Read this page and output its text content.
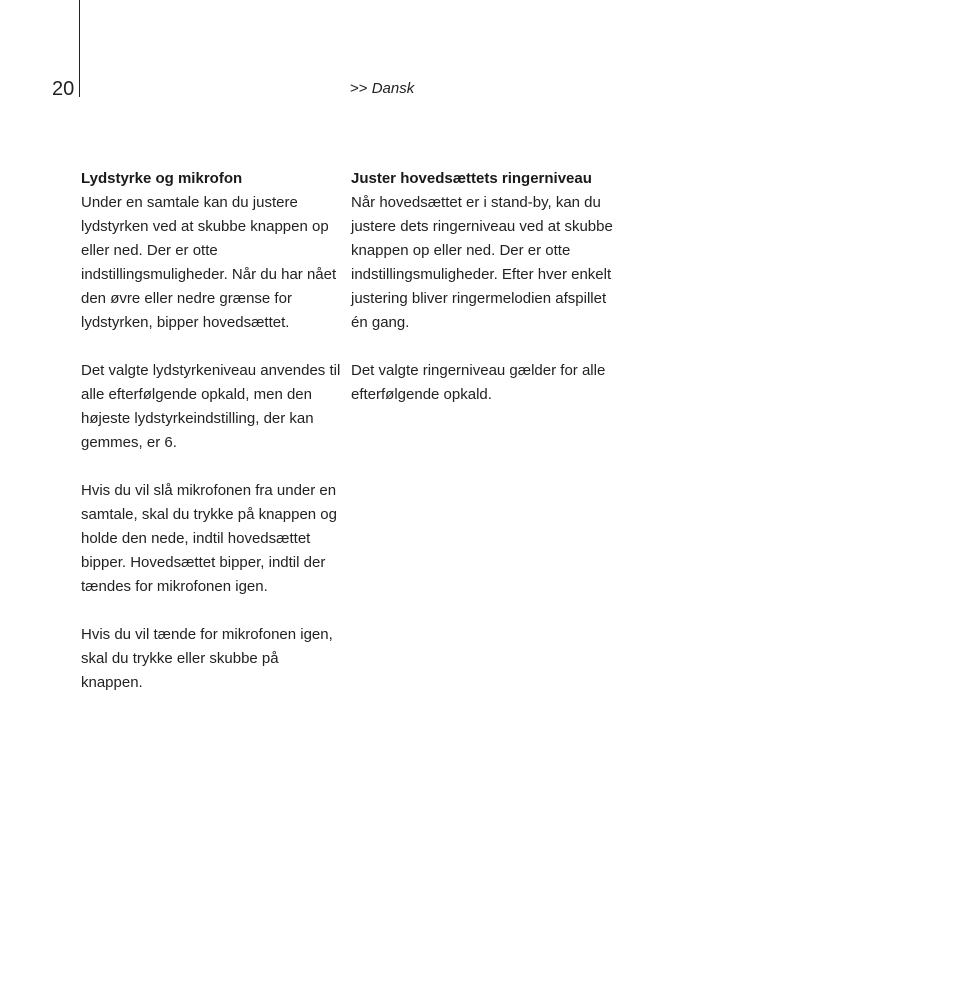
20	>> Dansk
Lydstyrke og mikrofon

Under en samtale kan du justere lydstyrken ved at skubbe knappen op eller ned. Der er otte indstillingsmuligheder. Når du har nået den øvre eller nedre grænse for lydstyrken, bipper hovedsættet.

Det valgte lydstyrkeniveau anvendes til alle efterfølgende opkald, men den højeste lydstyrkeindstilling, der kan gemmes, er 6.

Hvis du vil slå mikrofonen fra under en samtale, skal du trykke på knappen og holde den nede, indtil hovedsættet bipper. Hovedsættet bipper, indtil der tændes for mikrofonen igen.

Hvis du vil tænde for mikrofonen igen, skal du trykke eller skubbe på knappen.

Juster hovedsættets ringerniveau

Når hovedsættet er i stand-by, kan du justere dets ringerniveau ved at skubbe knappen op eller ned. Der er otte indstillingsmuligheder. Efter hver enkelt justering bliver ringermelodien afspillet én gang.

Det valgte ringerniveau gælder for alle efterfølgende opkald.
